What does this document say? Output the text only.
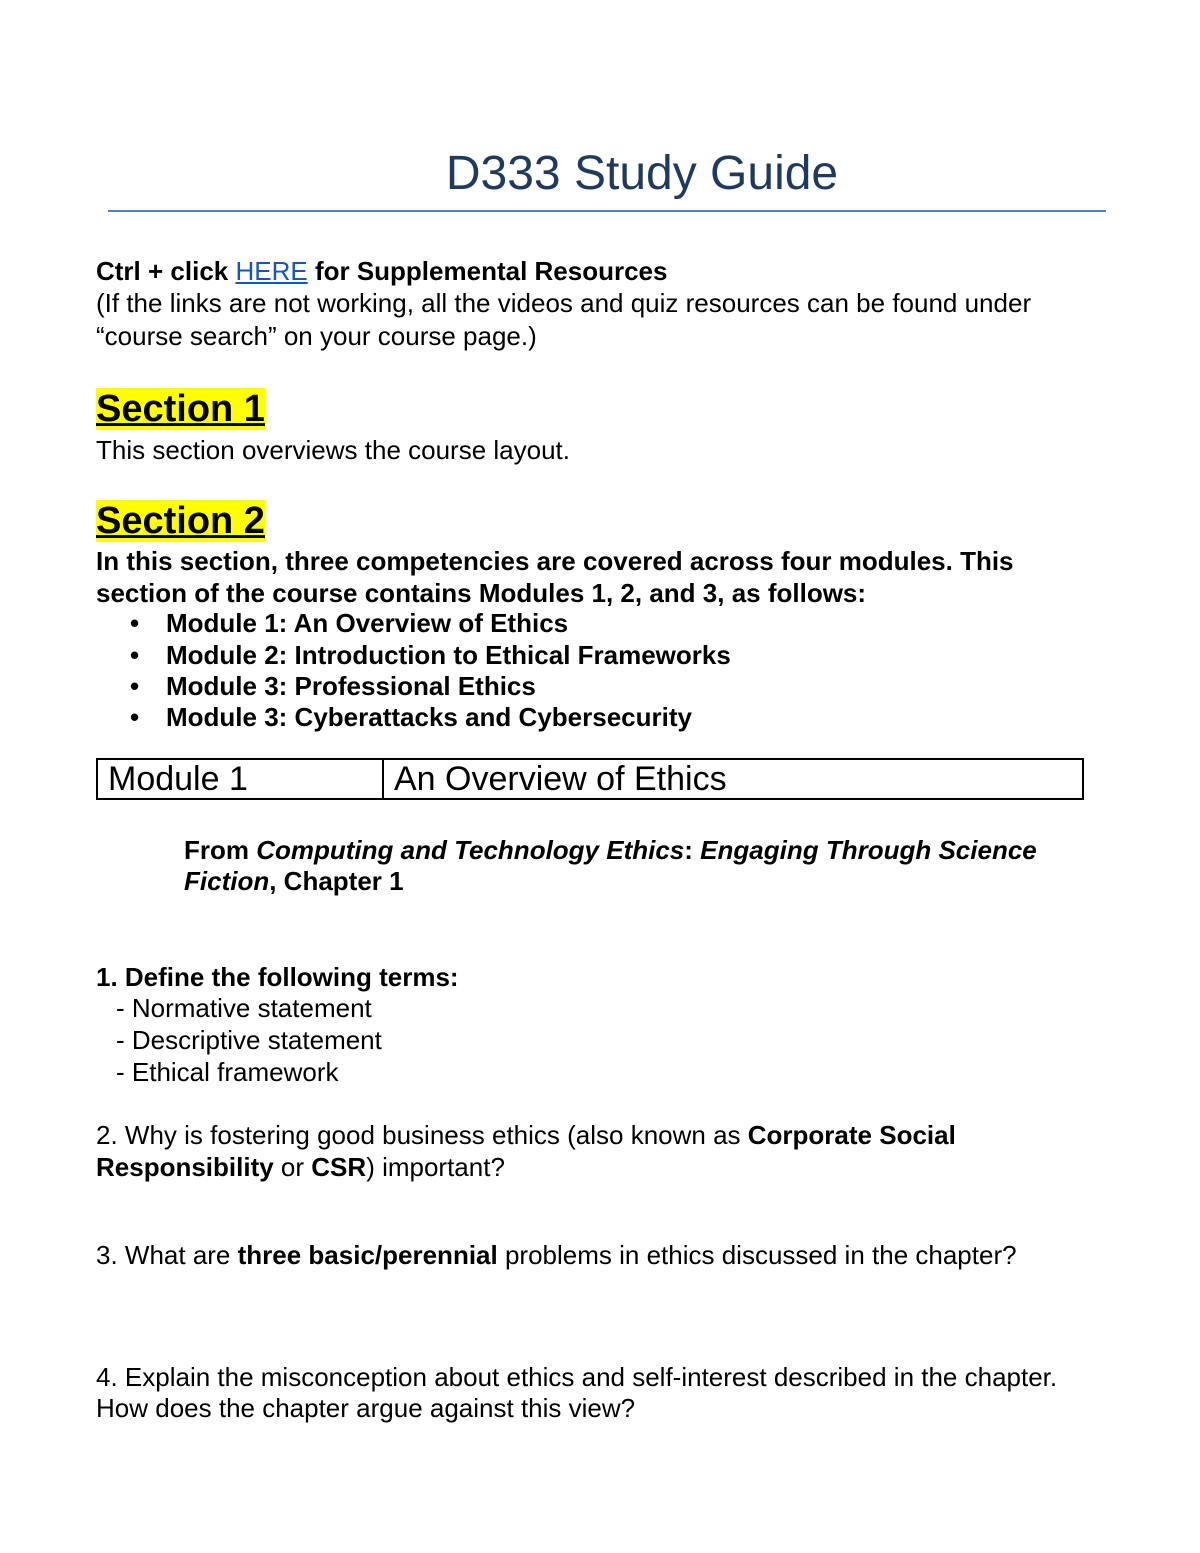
D333 Study Guide
Ctrl + click HERE for Supplemental Resources
(If the links are not working, all the videos and quiz resources can be found under
“course search” on your course page.)
Section 1
This section overviews the course layout.
Section 2
In this section, three competencies are covered across four modules. This
section of the course contains Modules 1, 2, and 3, as follows:
• Module 1: An Overview of Ethics
• Module 2: Introduction to Ethical Frameworks
• Module 3: Professional Ethics
• Module 3: Cyberattacks and Cybersecurity
Module 1	An Overview of Ethics
From Computing and Technology Ethics: Engaging Through Science
Fiction, Chapter 1
1. Define the following terms:
- Normative statement
- Descriptive statement
- Ethical framework
2. Why is fostering good business ethics (also known as Corporate Social
Responsibility or CSR) important?
3. What are three basic/perennial problems in ethics discussed in the chapter?
4. Explain the misconception about ethics and self-interest described in the chapter.
How does the chapter argue against this view?
